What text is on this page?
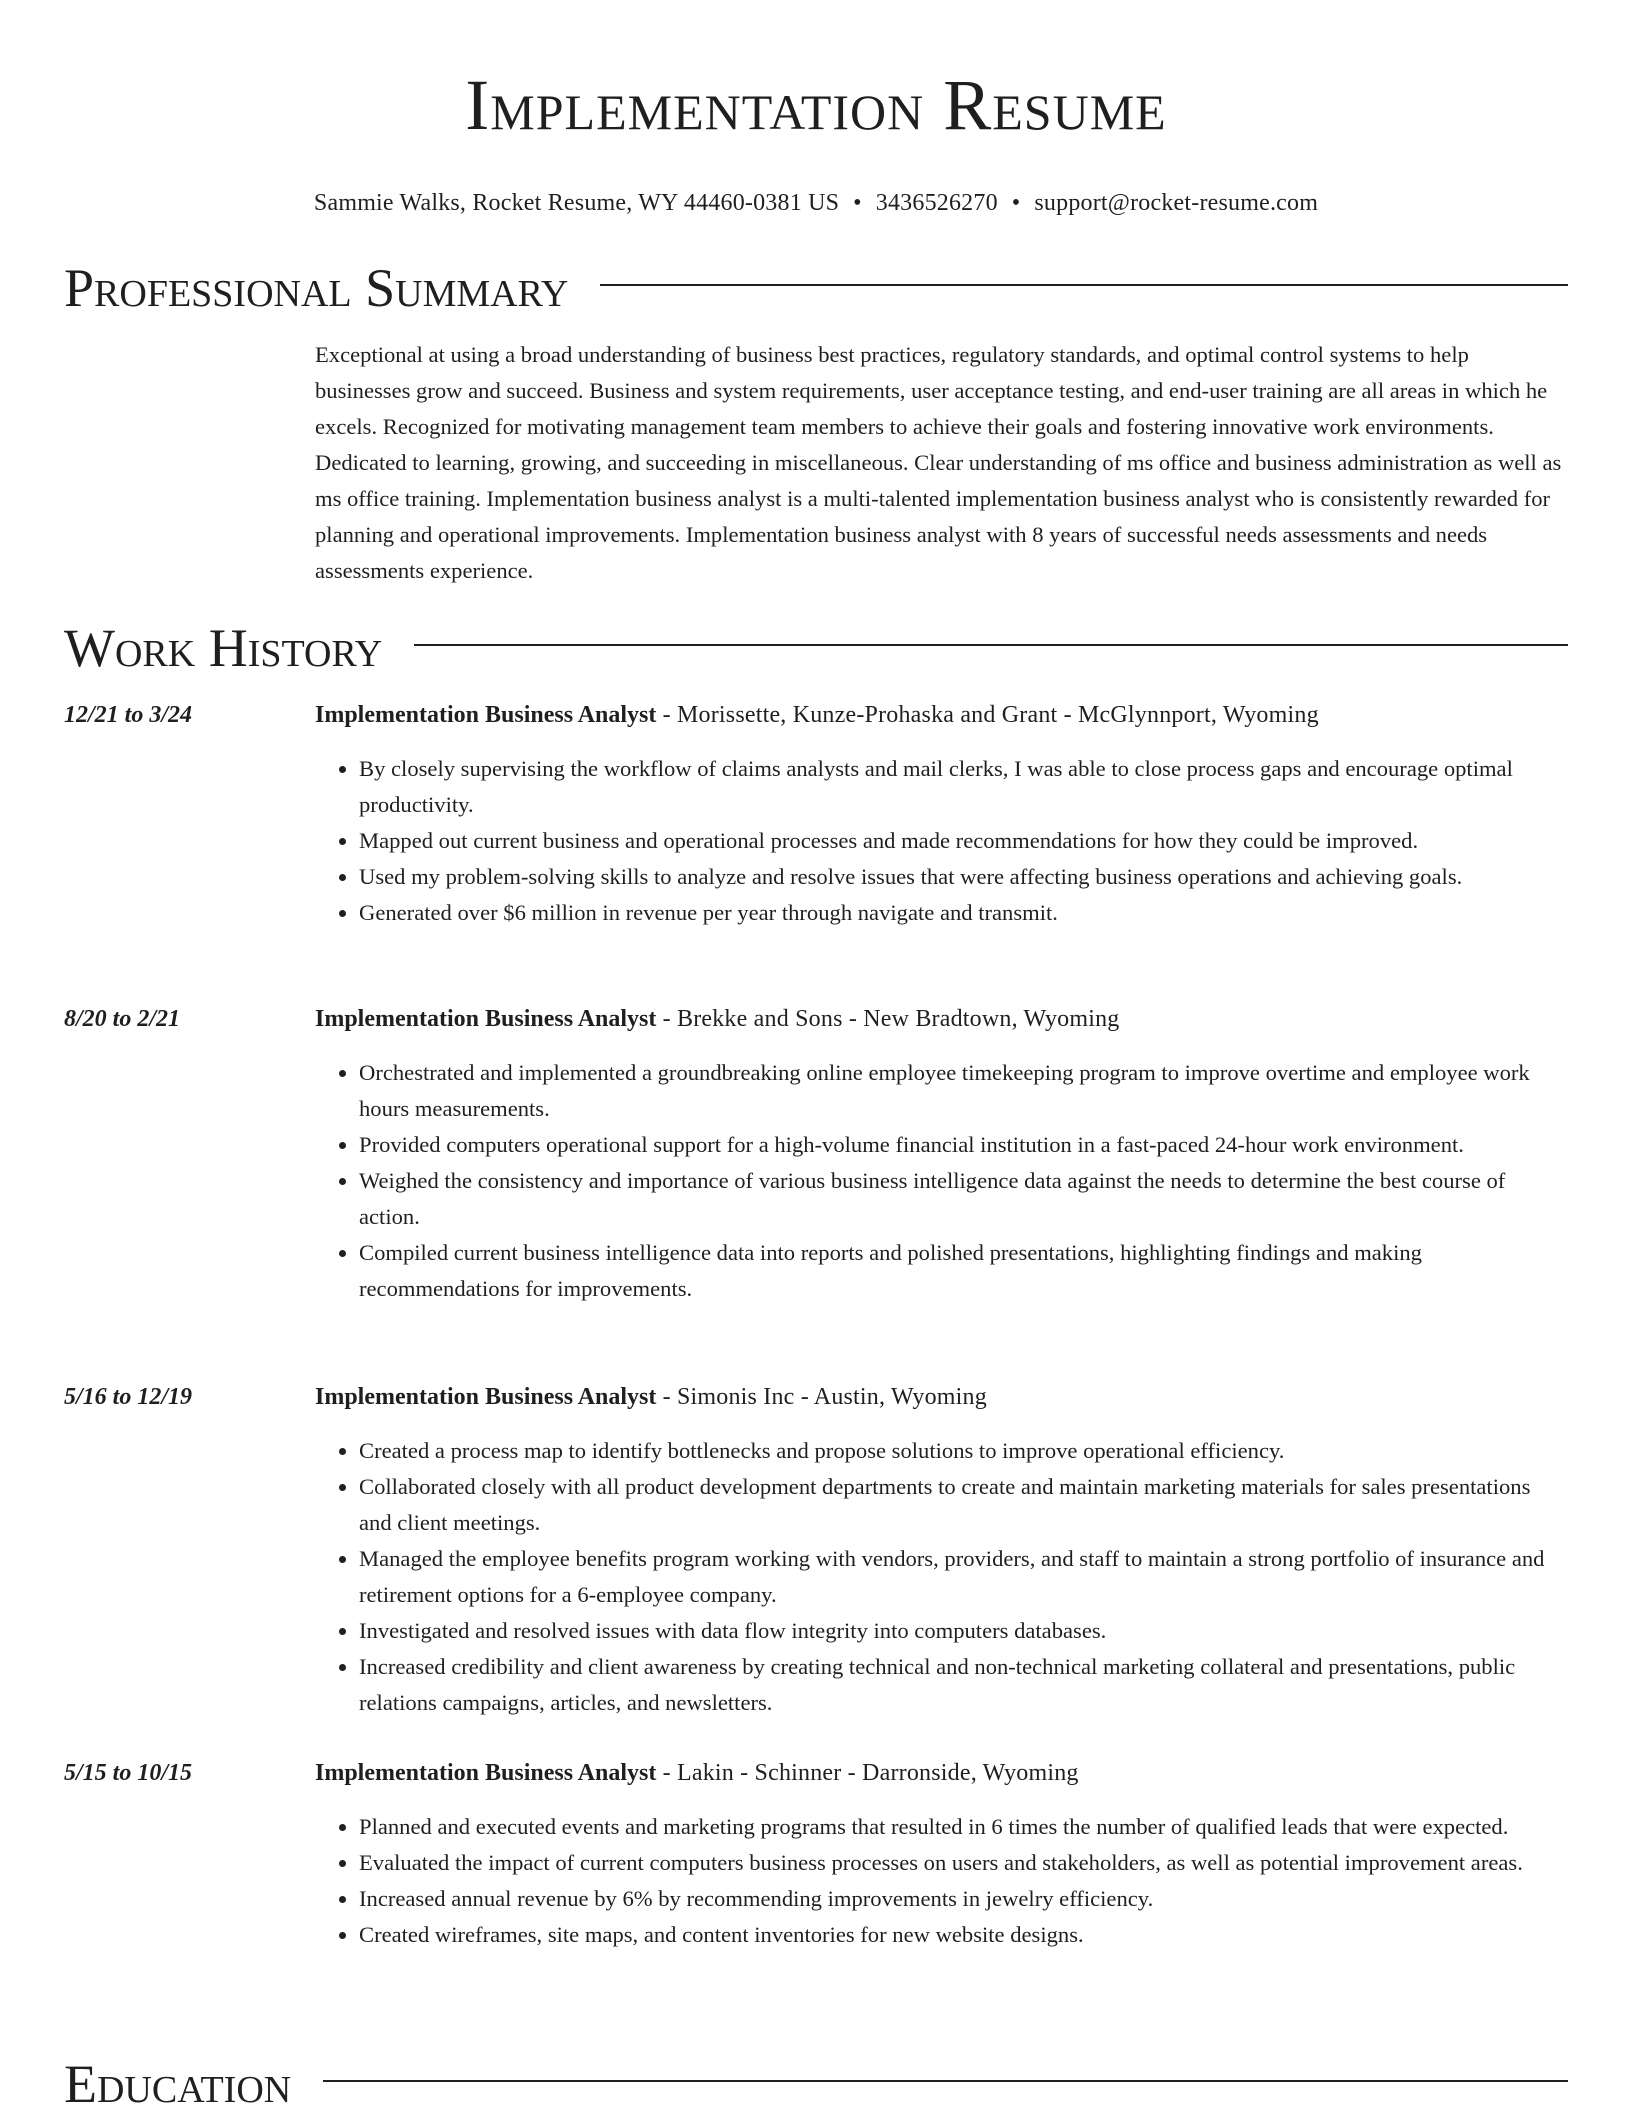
Implementation Resume
Sammie Walks, Rocket Resume, WY 44460-0381 US • 3436526270 • support@rocket-resume.com
Professional Summary

Exceptional at using a broad understanding of business best practices, regulatory standards, and optimal control systems to help businesses grow and succeed. Business and system requirements, user acceptance testing, and end-user training are all areas in which he excels. Recognized for motivating management team members to achieve their goals and fostering innovative work environments. Dedicated to learning, growing, and succeeding in miscellaneous. Clear understanding of ms office and business administration as well as ms office training. Implementation business analyst is a multi-talented implementation business analyst who is consistently rewarded for planning and operational improvements. Implementation business analyst with 8 years of successful needs assessments and needs assessments experience.

Work History
12/21 to 3/24	Implementation Business Analyst - Morissette, Kunze-Prohaska and Grant - McGlynnport, Wyoming
• By closely supervising the workflow of claims analysts and mail clerks, I was able to close process gaps and encourage optimal productivity.
• Mapped out current business and operational processes and made recommendations for how they could be improved.
• Used my problem-solving skills to analyze and resolve issues that were affecting business operations and achieving goals.
• Generated over $6 million in revenue per year through navigate and transmit.
8/20 to 2/21	Implementation Business Analyst - Brekke and Sons - New Bradtown, Wyoming
• Orchestrated and implemented a groundbreaking online employee timekeeping program to improve overtime and employee work hours measurements.
• Provided computers operational support for a high-volume financial institution in a fast-paced 24-hour work environment.
• Weighed the consistency and importance of various business intelligence data against the needs to determine the best course of action.
• Compiled current business intelligence data into reports and polished presentations, highlighting findings and making recommendations for improvements.
5/16 to 12/19	Implementation Business Analyst - Simonis Inc - Austin, Wyoming
• Created a process map to identify bottlenecks and propose solutions to improve operational efficiency.
• Collaborated closely with all product development departments to create and maintain marketing materials for sales presentations and client meetings.
• Managed the employee benefits program working with vendors, providers, and staff to maintain a strong portfolio of insurance and retirement options for a 6-employee company.
• Investigated and resolved issues with data flow integrity into computers databases.
• Increased credibility and client awareness by creating technical and non-technical marketing collateral and presentations, public relations campaigns, articles, and newsletters.
5/15 to 10/15	Implementation Business Analyst - Lakin - Schinner - Darronside, Wyoming
• Planned and executed events and marketing programs that resulted in 6 times the number of qualified leads that were expected.
• Evaluated the impact of current computers business processes on users and stakeholders, as well as potential improvement areas.
• Increased annual revenue by 6% by recommending improvements in jewelry efficiency.
• Created wireframes, site maps, and content inventories for new website designs.
Education
